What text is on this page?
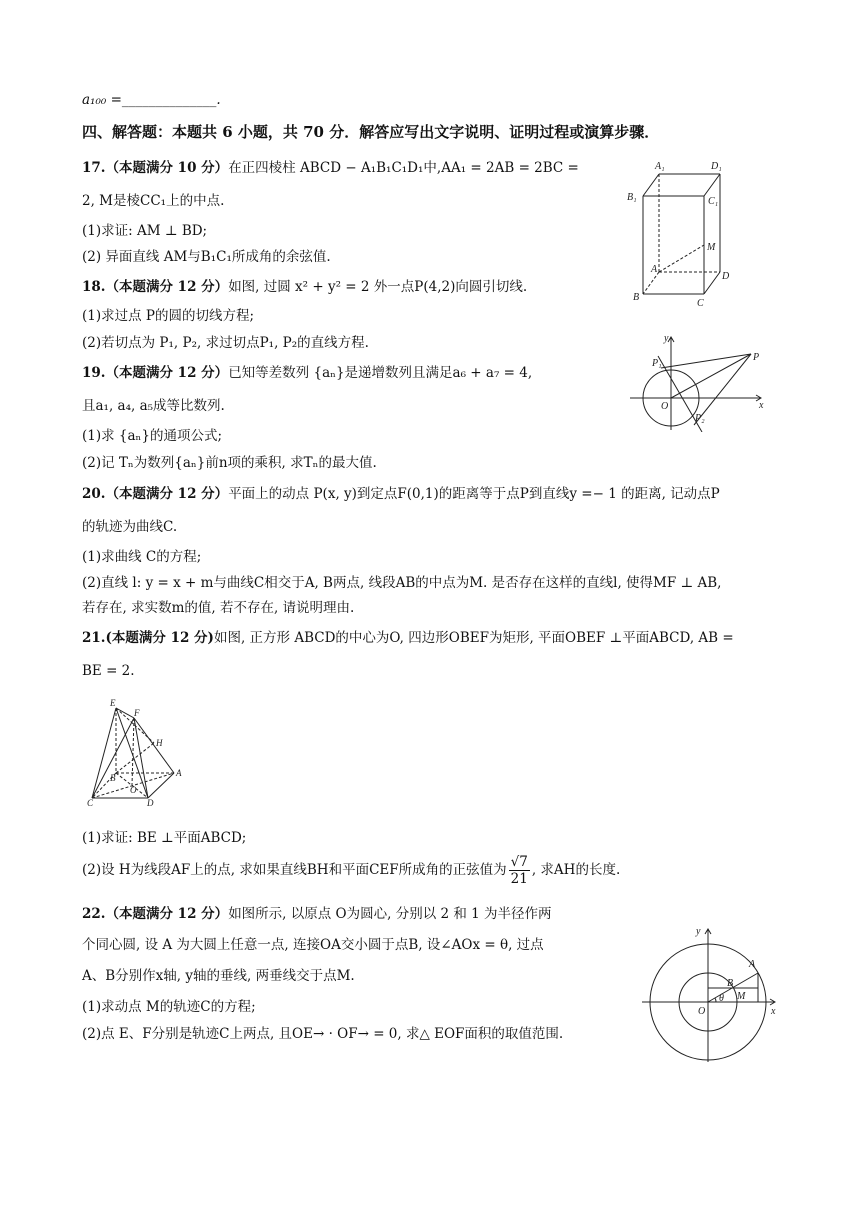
a₁₀₀ =______________.
四、解答题：本题共 6 小题，共 70 分．解答应写出文字说明、证明过程或演算步骤．
17.（本题满分 10 分）在正四棱柱 ABCD − A₁B₁C₁D₁中,AA₁ = 2AB = 2BC =
2, M是棱CC₁上的中点.
(1)求证: AM ⊥ BD;
(2) 异面直线 AM与B₁C₁所成角的余弦值.
18.（本题满分 12 分）如图, 过圆 x² + y² = 2 外一点P(4,2)向圆引切线.
(1)求过点 P的圆的切线方程;
(2)若切点为 P₁, P₂, 求过切点P₁, P₂的直线方程.
19.（本题满分 12 分）已知等差数列 {aₙ}是递增数列且满足a₆ + a₇ = 4,
且a₁, a₄, a₅成等比数列.
(1)求 {aₙ}的通项公式;
(2)记 Tₙ为数列{aₙ}前n项的乘积, 求Tₙ的最大值.
20.（本题满分 12 分）平面上的动点 P(x, y)到定点F(0,1)的距离等于点P到直线y =− 1 的距离, 记动点P
的轨迹为曲线C.
(1)求曲线 C的方程;
(2)直线 l: y = x + m与曲线C相交于A, B两点, 线段AB的中点为M. 是否存在这样的直线l, 使得MF ⊥ AB,
若存在, 求实数m的值, 若不存在, 请说明理由.
21.(本题满分 12 分)如图, 正方形 ABCD的中心为O, 四边形OBEF为矩形, 平面OBEF ⊥平面ABCD, AB =
BE = 2.
(1)求证: BE ⊥平面ABCD;
(2)设 H为线段AF上的点, 求如果直线BH和平面CEF所成角的正弦值为 $\frac{√7}{21}$ , 求AH的长度.
22.（本题满分 12 分）如图所示, 以原点 O为圆心, 分别以 2 和 1 为半径作两
个同心圆, 设 A 为大圆上任意一点, 连接OA交小圆于点B, 设∠AOx = θ, 过点
A、B分别作x轴, y轴的垂线, 两垂线交于点M.
(1)求动点 M的轨迹C的方程;
(2)点 E、F分别是轨迹C上两点, 且OE→ · OF→ = 0, 求△ EOF面积的取值范围.
A₁	D₁
B₁	C₁
M
A
D
B
C
y
P₁
P
O	x
P₂
E
F
H
B
O
A
C	D
y
A
B
θ M
O	x
